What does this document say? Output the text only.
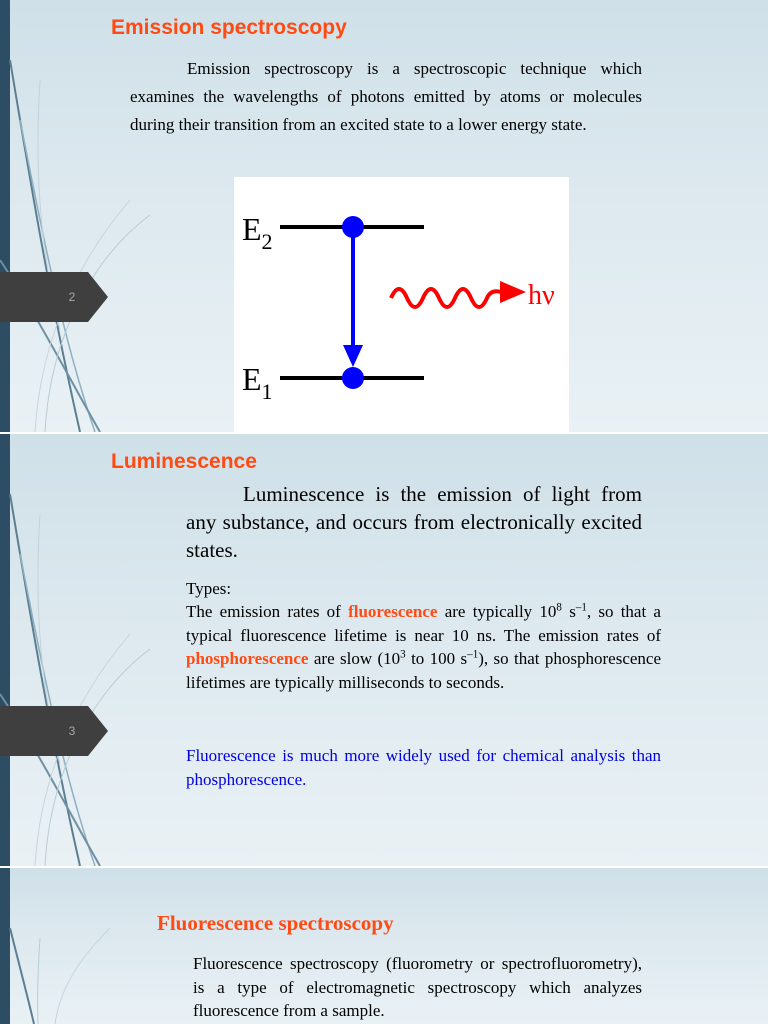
2
Emission spectroscopy

Emission spectroscopy is a spectroscopic technique which examines the wavelengths of photons emitted by atoms or molecules during their transition from an excited state to a lower energy state.

$E_2$
$E_1$
hν
3
Luminescence

Luminescence is the emission of light from any substance, and occurs from electronically excited states.

Types:

The emission rates of fluorescence are typically $10^8$ $s^{-1}$, so that a typical fluorescence lifetime is near 10 ns. The emission rates of phosphorescence are slow ($10^3$ to 100 $s^{-1}$), so that phosphorescence lifetimes are typically milliseconds to seconds.

Fluorescence is much more widely used for chemical analysis than phosphorescence.

Fluorescence spectroscopy

Fluorescence spectroscopy (fluorometry or spectrofluorometry), is a type of electromagnetic spectroscopy which analyzes fluorescence from a sample.
